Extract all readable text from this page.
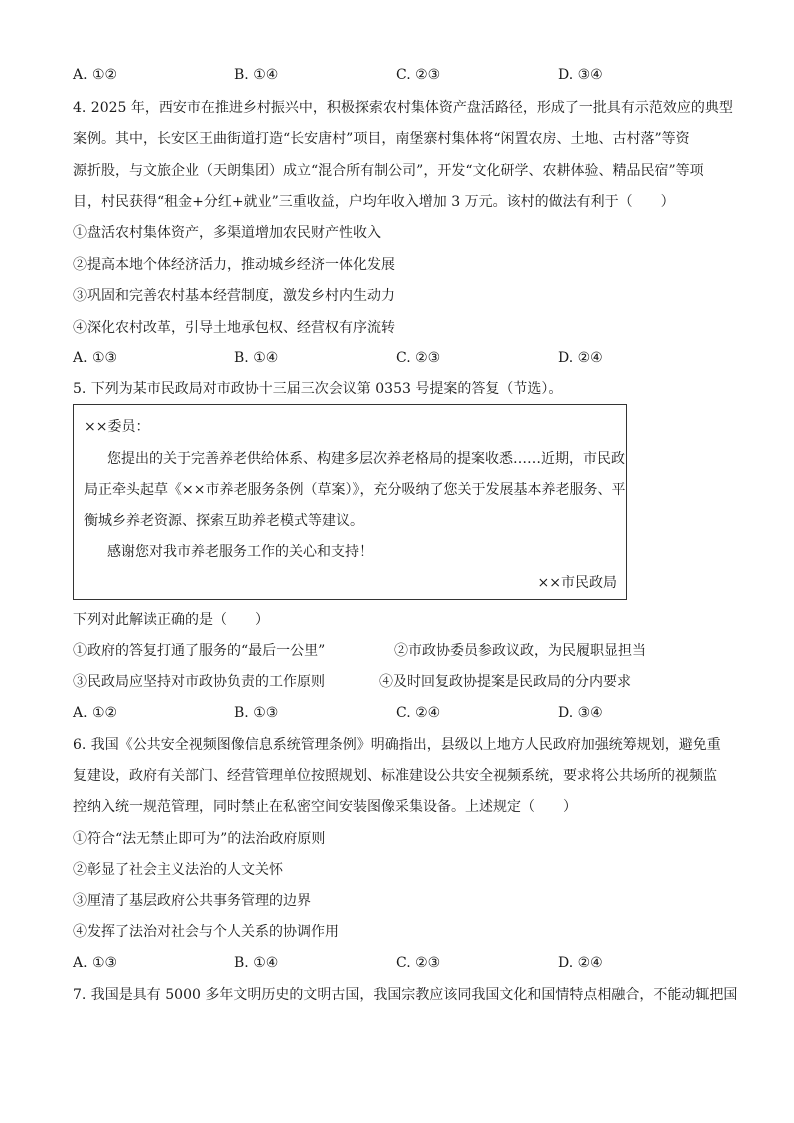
A. ①②	B. ①④	C. ②③	D. ③④
4. 2025 年，西安市在推进乡村振兴中，积极探索农村集体资产盘活路径，形成了一批具有示范效应的典型
案例。其中，长安区王曲街道打造“长安唐村”项目，南堡寨村集体将“闲置农房、土地、古村落”等资
源折股，与文旅企业（天朗集团）成立“混合所有制公司”，开发“文化研学、农耕体验、精品民宿”等项
目，村民获得“租金+分红+就业”三重收益，户均年收入增加 3 万元。该村的做法有利于（　　）
①盘活农村集体资产，多渠道增加农民财产性收入
②提高本地个体经济活力，推动城乡经济一体化发展
③巩固和完善农村基本经营制度，激发乡村内生动力
④深化农村改革，引导土地承包权、经营权有序流转
A. ①③	B. ①④	C. ②③	D. ②④
5. 下列为某市民政局对市政协十三届三次会议第 0353 号提案的答复（节选）。
××委员：
您提出的关于完善养老供给体系、构建多层次养老格局的提案收悉……近期，市民政
局正牵头起草《××市养老服务条例（草案）》，充分吸纳了您关于发展基本养老服务、平
衡城乡养老资源、探索互助养老模式等建议。
感谢您对我市养老服务工作的关心和支持！
××市民政局
下列对此解读正确的是（　　）
①政府的答复打通了服务的“最后一公里”	②市政协委员参政议政，为民履职显担当
③民政局应坚持对市政协负责的工作原则	④及时回复政协提案是民政局的分内要求
A. ①②	B. ①③	C. ②④	D. ③④
6. 我国《公共安全视频图像信息系统管理条例》明确指出，县级以上地方人民政府加强统筹规划，避免重
复建设，政府有关部门、经营管理单位按照规划、标准建设公共安全视频系统，要求将公共场所的视频监
控纳入统一规范管理，同时禁止在私密空间安装图像采集设备。上述规定（　　）
①符合“法无禁止即可为”的法治政府原则
②彰显了社会主义法治的人文关怀
③厘清了基层政府公共事务管理的边界
④发挥了法治对社会与个人关系的协调作用
A. ①③	B. ①④	C. ②③	D. ②④
7. 我国是具有 5000 多年文明历史的文明古国，我国宗教应该同我国文化和国情特点相融合，不能动辄把国
